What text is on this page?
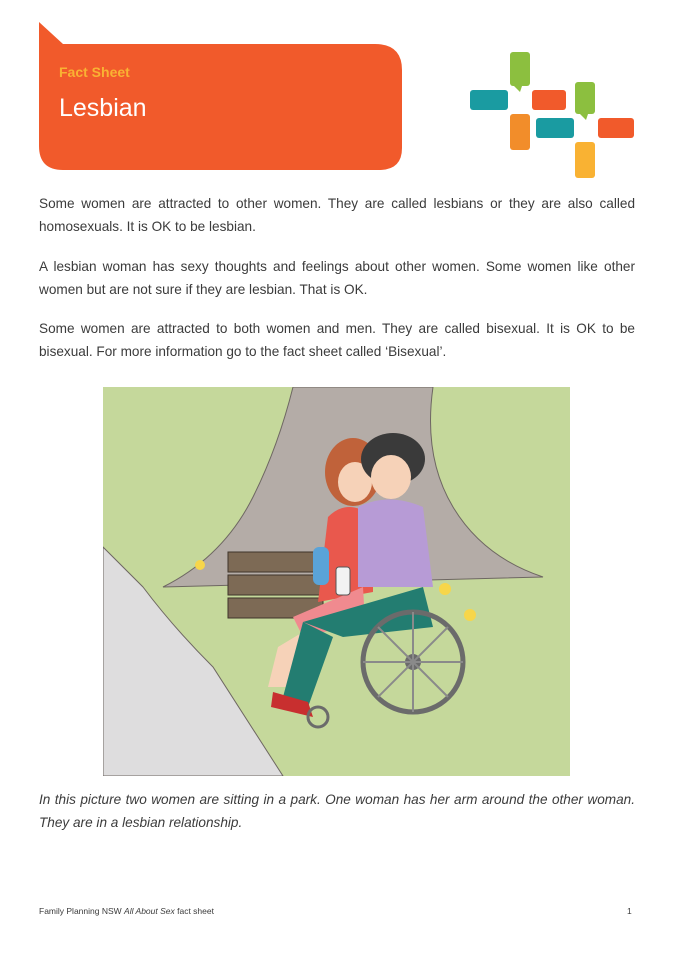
Fact Sheet
Lesbian

Some women are attracted to other women. They are called lesbians or they are also called homosexuals. It is OK to be lesbian.

A lesbian woman has sexy thoughts and feelings about other women. Some women like other women but are not sure if they are lesbian. That is OK.

Some women are attracted to both women and men. They are called bisexual. It is OK to be bisexual. For more information go to the fact sheet called ‘Bisexual’.

In this picture two women are sitting in a park. One woman has her arm around the other woman. They are in a lesbian relationship.

Family Planning NSW All About Sex fact sheet	1
